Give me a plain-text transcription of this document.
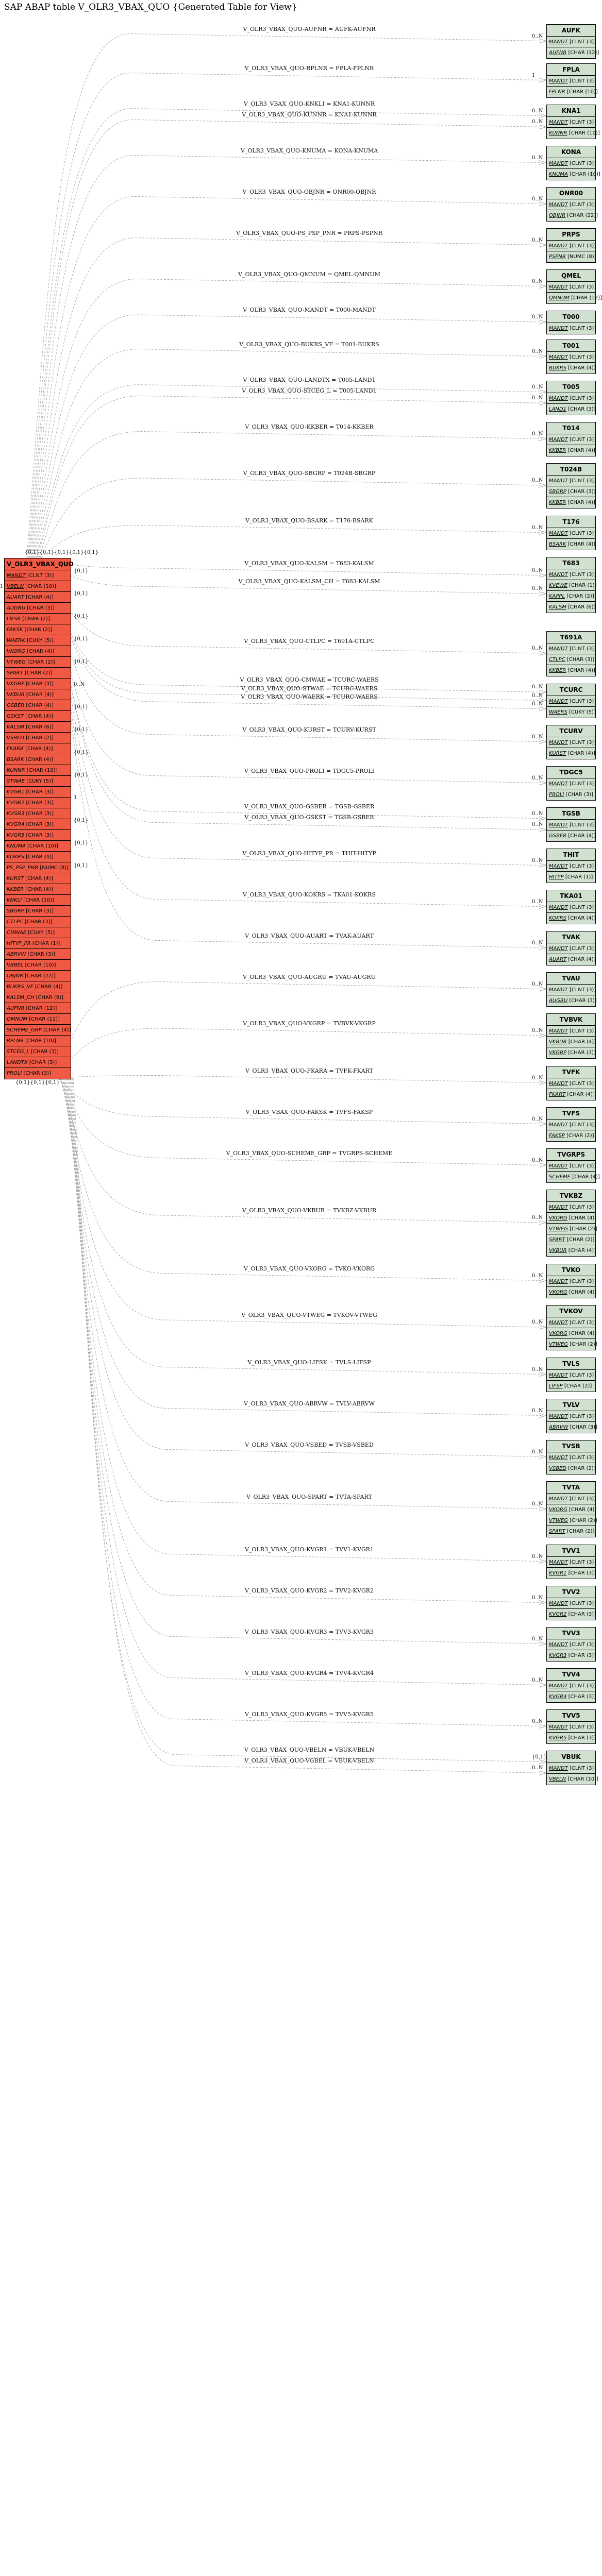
SAP ABAP table V_OLR3_VBAX_QUO {Generated Table for View}
V_OLR3_VBAX_QUO
MANDT [CLNT (3)]
VBELN [CHAR (10)]
AUART [CHAR (4)]
AUGRU [CHAR (3)]
LIFSK [CHAR (2)]
FAKSK [CHAR (2)]
WAERK [CUKY (5)]
VKORG [CHAR (4)]
VTWEG [CHAR (2)]
SPART [CHAR (2)]
VKGRP [CHAR (3)]
VKBUR [CHAR (4)]
GSBER [CHAR (4)]
GSKST [CHAR (4)]
KALSM [CHAR (6)]
VSBED [CHAR (2)]
FKARA [CHAR (4)]
BSARK [CHAR (4)]
KUNNR [CHAR (10)]
STWAE [CUKY (5)]
KVGR1 [CHAR (3)]
KVGR2 [CHAR (3)]
KVGR3 [CHAR (3)]
KVGR4 [CHAR (3)]
KVGR5 [CHAR (3)]
KNUMA [CHAR (10)]
KOKRS [CHAR (4)]
PS_PSP_PNR [NUMC (8)]
KURST [CHAR (4)]
KKBER [CHAR (4)]
KNKLI [CHAR (10)]
SBGRP [CHAR (3)]
CTLPC [CHAR (3)]
CMWAE [CUKY (5)]
HITYP_PR [CHAR (1)]
ABRVW [CHAR (3)]
VBBEL [CHAR (10)]
OBJNR [CHAR (22)]
BUKRS_VF [CHAR (4)]
KALSM_CH [CHAR (6)]
AUFNR [CHAR (12)]
QMNUM [CHAR (12)]
SCHEME_GRP [CHAR (4)]
RPLNR [CHAR (10)]
STCEG_L [CHAR (3)]
LANDTX [CHAR (3)]
PROLI [CHAR (3)]
AUFK
MANDT [CLNT (3)]
AUFNR [CHAR (12)]
FPLA
MANDT [CLNT (3)]
FPLNR [CHAR (10)]
KNA1
MANDT [CLNT (3)]
KUNNR [CHAR (10)]
KONA
MANDT [CLNT (3)]
KNUMA [CHAR (10)]
ONR00
MANDT [CLNT (3)]
OBJNR [CHAR (22)]
PRPS
MANDT [CLNT (3)]
PSPNR [NUMC (8)]
QMEL
MANDT [CLNT (3)]
QMNUM [CHAR (12)]
T000
MANDT [CLNT (3)]
T001
MANDT [CLNT (3)]
BUKRS [CHAR (4)]
T005
MANDT [CLNT (3)]
LAND1 [CHAR (3)]
T014
MANDT [CLNT (3)]
KKBER [CHAR (4)]
T024B
MANDT [CLNT (3)]
SBGRP [CHAR (3)]
KKBER [CHAR (4)]
T176
MANDT [CLNT (3)]
BSARK [CHAR (4)]
T683
MANDT [CLNT (3)]
KVEWE [CHAR (1)]
KAPPL [CHAR (2)]
KALSM [CHAR (6)]
T691A
MANDT [CLNT (3)]
CTLPC [CHAR (3)]
KKBER [CHAR (4)]
TCURC
MANDT [CLNT (3)]
WAERS [CUKY (5)]
TCURV
MANDT [CLNT (3)]
KURST [CHAR (4)]
TDGC5
MANDT [CLNT (3)]
PROLI [CHAR (3)]
TGSB
MANDT [CLNT (3)]
GSBER [CHAR (4)]
THIT
MANDT [CLNT (3)]
HITYP [CHAR (1)]
TKA01
MANDT [CLNT (3)]
KOKRS [CHAR (4)]
TVAK
MANDT [CLNT (3)]
AUART [CHAR (4)]
TVAU
MANDT [CLNT (3)]
AUGRU [CHAR (3)]
TVBVK
MANDT [CLNT (3)]
VKBUR [CHAR (4)]
VKGRP [CHAR (3)]
TVFK
MANDT [CLNT (3)]
FKART [CHAR (4)]
TVFS
MANDT [CLNT (3)]
FAKSP [CHAR (2)]
TVGRPS
MANDT [CLNT (3)]
SCHEME [CHAR (4)]
TVKBZ
MANDT [CLNT (3)]
VKORG [CHAR (4)]
VTWEG [CHAR (2)]
SPART [CHAR (2)]
VKBUR [CHAR (4)]
TVKO
MANDT [CLNT (3)]
VKORG [CHAR (4)]
TVKOV
MANDT [CLNT (3)]
VKORG [CHAR (4)]
VTWEG [CHAR (2)]
TVLS
MANDT [CLNT (3)]
LIFSP [CHAR (2)]
TVLV
MANDT [CLNT (3)]
ABRVW [CHAR (3)]
TVSB
MANDT [CLNT (3)]
VSBED [CHAR (2)]
TVTA
MANDT [CLNT (3)]
VKORG [CHAR (4)]
VTWEG [CHAR (2)]
SPART [CHAR (2)]
TVV1
MANDT [CLNT (3)]
KVGR1 [CHAR (3)]
TVV2
MANDT [CLNT (3)]
KVGR2 [CHAR (3)]
TVV3
MANDT [CLNT (3)]
KVGR3 [CHAR (3)]
TVV4
MANDT [CLNT (3)]
KVGR4 [CHAR (3)]
TVV5
MANDT [CLNT (3)]
KVGR5 [CHAR (3)]
VBUK
MANDT [CLNT (3)]
VBELN [CHAR (10)]
V_OLR3_VBAX_QUO-AUFNR = AUFK-AUFNR
0..N
V_OLR3_VBAX_QUO-RPLNR = FPLA-FPLNR
1
V_OLR3_VBAX_QUO-KNKLI = KNA1-KUNNR
0..N
V_OLR3_VBAX_QUO-KUNNR = KNA1-KUNNR
0..N
V_OLR3_VBAX_QUO-KNUMA = KONA-KNUMA
0..N
V_OLR3_VBAX_QUO-OBJNR = ONR00-OBJNR
0..N
V_OLR3_VBAX_QUO-PS_PSP_PNR = PRPS-PSPNR
0..N
V_OLR3_VBAX_QUO-QMNUM = QMEL-QMNUM
0..N
V_OLR3_VBAX_QUO-MANDT = T000-MANDT
0..N
V_OLR3_VBAX_QUO-BUKRS_VF = T001-BUKRS
0..N
V_OLR3_VBAX_QUO-LANDTX = T005-LAND1
0..N
V_OLR3_VBAX_QUO-STCEG_L = T005-LAND1
0..N
V_OLR3_VBAX_QUO-KKBER = T014-KKBER
0..N
V_OLR3_VBAX_QUO-SBGRP = T024B-SBGRP
0..N
V_OLR3_VBAX_QUO-BSARK = T176-BSARK
0..N
V_OLR3_VBAX_QUO-KALSM = T683-KALSM
0..N
V_OLR3_VBAX_QUO-KALSM_CH = T683-KALSM
0..N
V_OLR3_VBAX_QUO-CTLPC = T691A-CTLPC
0..N
V_OLR3_VBAX_QUO-CMWAE = TCURC-WAERS
0..N
V_OLR3_VBAX_QUO-STWAE = TCURC-WAERS
0..N
V_OLR3_VBAX_QUO-WAERK = TCURC-WAERS
0..N
V_OLR3_VBAX_QUO-KURST = TCURV-KURST
0..N
V_OLR3_VBAX_QUO-PROLI = TDGC5-PROLI
0..N
V_OLR3_VBAX_QUO-GSBER = TGSB-GSBER
0..N
V_OLR3_VBAX_QUO-GSKST = TGSB-GSBER
0..N
V_OLR3_VBAX_QUO-HITYP_PR = THIT-HITYP
0..N
V_OLR3_VBAX_QUO-KOKRS = TKA01-KOKRS
0..N
V_OLR3_VBAX_QUO-AUART = TVAK-AUART
0..N
V_OLR3_VBAX_QUO-AUGRU = TVAU-AUGRU
0..N
V_OLR3_VBAX_QUO-VKGRP = TVBVK-VKGRP
0..N
V_OLR3_VBAX_QUO-FKARA = TVFK-FKART
0..N
V_OLR3_VBAX_QUO-FAKSK = TVFS-FAKSP
0..N
V_OLR3_VBAX_QUO-SCHEME_GRP = TVGRPS-SCHEME
0..N
V_OLR3_VBAX_QUO-VKBUR = TVKBZ-VKBUR
0..N
V_OLR3_VBAX_QUO-VKORG = TVKO-VKORG
0..N
V_OLR3_VBAX_QUO-VTWEG = TVKOV-VTWEG
0..N
V_OLR3_VBAX_QUO-LIFSK = TVLS-LIFSP
0..N
V_OLR3_VBAX_QUO-ABRVW = TVLV-ABRVW
0..N
V_OLR3_VBAX_QUO-VSBED = TVSB-VSBED
0..N
V_OLR3_VBAX_QUO-SPART = TVTA-SPART
0..N
V_OLR3_VBAX_QUO-KVGR1 = TVV1-KVGR1
0..N
V_OLR3_VBAX_QUO-KVGR2 = TVV2-KVGR2
0..N
V_OLR3_VBAX_QUO-KVGR3 = TVV3-KVGR3
0..N
V_OLR3_VBAX_QUO-KVGR4 = TVV4-KVGR4
0..N
V_OLR3_VBAX_QUO-KVGR5 = TVV5-KVGR5
0..N
V_OLR3_VBAX_QUO-VBELN = VBUK-VBELN
{0,1}
V_OLR3_VBAX_QUO-VGBEL = VBUK-VBELN
0..N
{0,1}{0,1}{0,1}{0,1}{0,1}
{0,1}{0,1}{0,1}
1
{0,1}
{0,1}
{0,1}
{0,1}
{0,1}
0..N
{0,1}
{0,1}
{0,1}
{0,1}
1
{0,1}
{0,1}
{0,1}
